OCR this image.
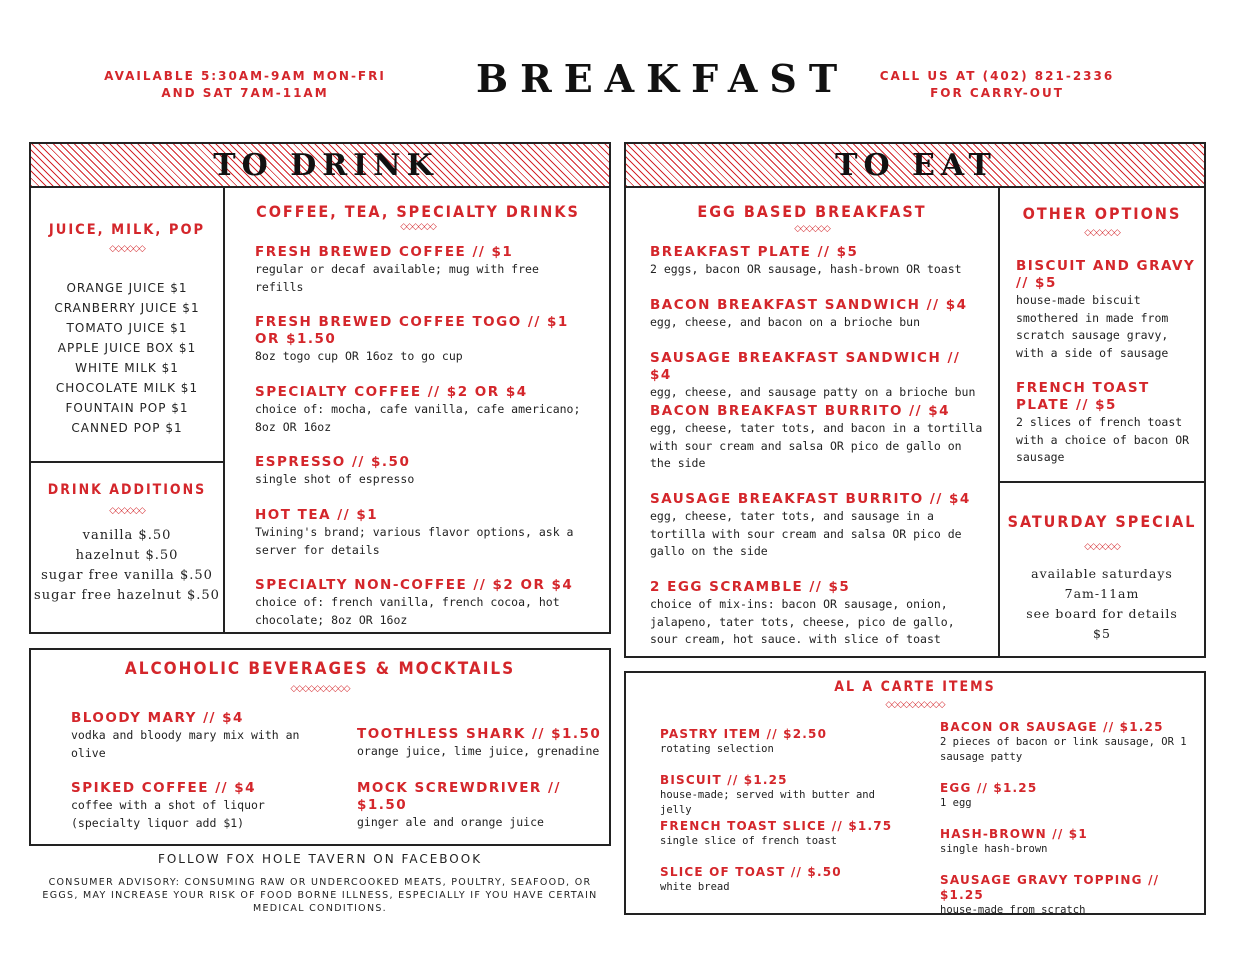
AVAILABLE 5:30AM-9AM MON-FRI
AND SAT 7AM-11AM	BREAKFAST	CALL US AT (402) 821-2336
FOR CARRY-OUT
TO DRINK
JUICE, MILK, POP
◇◇◇◇◇◇
ORANGE JUICE $1
CRANBERRY JUICE $1
TOMATO JUICE $1
APPLE JUICE BOX $1
WHITE MILK $1
CHOCOLATE MILK $1
FOUNTAIN POP $1
CANNED POP $1
DRINK ADDITIONS
◇◇◇◇◇◇
vanilla $.50
hazelnut $.50
sugar free vanilla $.50
sugar free hazelnut $.50
COFFEE, TEA, SPECIALTY DRINKS
◇◇◇◇◇◇
FRESH BREWED COFFEE // $1
regular or decaf available; mug with free refills
FRESH BREWED COFFEE TOGO // $1 OR $1.50
8oz togo cup OR 16oz to go cup
SPECIALTY COFFEE // $2 OR $4
choice of: mocha, cafe vanilla, cafe americano; 8oz OR 16oz
ESPRESSO // $.50
single shot of espresso
HOT TEA // $1
Twining's brand; various flavor options, ask a server for details
SPECIALTY NON-COFFEE // $2 OR $4
choice of: french vanilla, french cocoa, hot chocolate; 8oz OR 16oz
ALCOHOLIC BEVERAGES & MOCKTAILS
◇◇◇◇◇◇◇◇◇◇
BLOODY MARY // $4
vodka and bloody mary mix with an olive
SPIKED COFFEE // $4
coffee with a shot of liquor (specialty liquor add $1)
TOOTHLESS SHARK // $1.50
orange juice, lime juice, grenadine
MOCK SCREWDRIVER // $1.50
ginger ale and orange juice
FOLLOW FOX HOLE TAVERN ON FACEBOOK
CONSUMER ADVISORY: CONSUMING RAW OR UNDERCOOKED MEATS, POULTRY, SEAFOOD, OR EGGS, MAY INCREASE YOUR RISK OF FOOD BORNE ILLNESS, ESPECIALLY IF YOU HAVE CERTAIN MEDICAL CONDITIONS.
TO EAT
EGG BASED BREAKFAST
◇◇◇◇◇◇
BREAKFAST PLATE // $5
2 eggs, bacon OR sausage, hash-brown OR toast
BACON BREAKFAST SANDWICH // $4
egg, cheese, and bacon on a brioche bun
SAUSAGE BREAKFAST SANDWICH // $4
egg, cheese, and sausage patty on a brioche bun
BACON BREAKFAST BURRITO // $4
egg, cheese, tater tots, and bacon in a tortilla with sour cream and salsa OR pico de gallo on the side
SAUSAGE BREAKFAST BURRITO // $4
egg, cheese, tater tots, and sausage in a tortilla with sour cream and salsa OR pico de gallo on the side
2 EGG SCRAMBLE // $5
choice of mix-ins: bacon OR sausage, onion, jalapeno, tater tots, cheese, pico de gallo, sour cream, hot sauce. with slice of toast
OTHER OPTIONS
◇◇◇◇◇◇
BISCUIT AND GRAVY // $5
house-made biscuit smothered in made from scratch sausage gravy, with a side of sausage
FRENCH TOAST PLATE // $5
2 slices of french toast with a choice of bacon OR sausage
SATURDAY SPECIAL
◇◇◇◇◇◇
available saturdays
7am-11am
see board for details
$5
AL A CARTE ITEMS
◇◇◇◇◇◇◇◇◇◇
PASTRY ITEM // $2.50
rotating selection
BISCUIT // $1.25
house-made; served with butter and jelly
FRENCH TOAST SLICE // $1.75
single slice of french toast
SLICE OF TOAST // $.50
white bread
BACON OR SAUSAGE // $1.25
2 pieces of bacon or link sausage, OR 1 sausage patty
EGG // $1.25
1 egg
HASH-BROWN // $1
single hash-brown
SAUSAGE GRAVY TOPPING // $1.25
house-made from scratch
